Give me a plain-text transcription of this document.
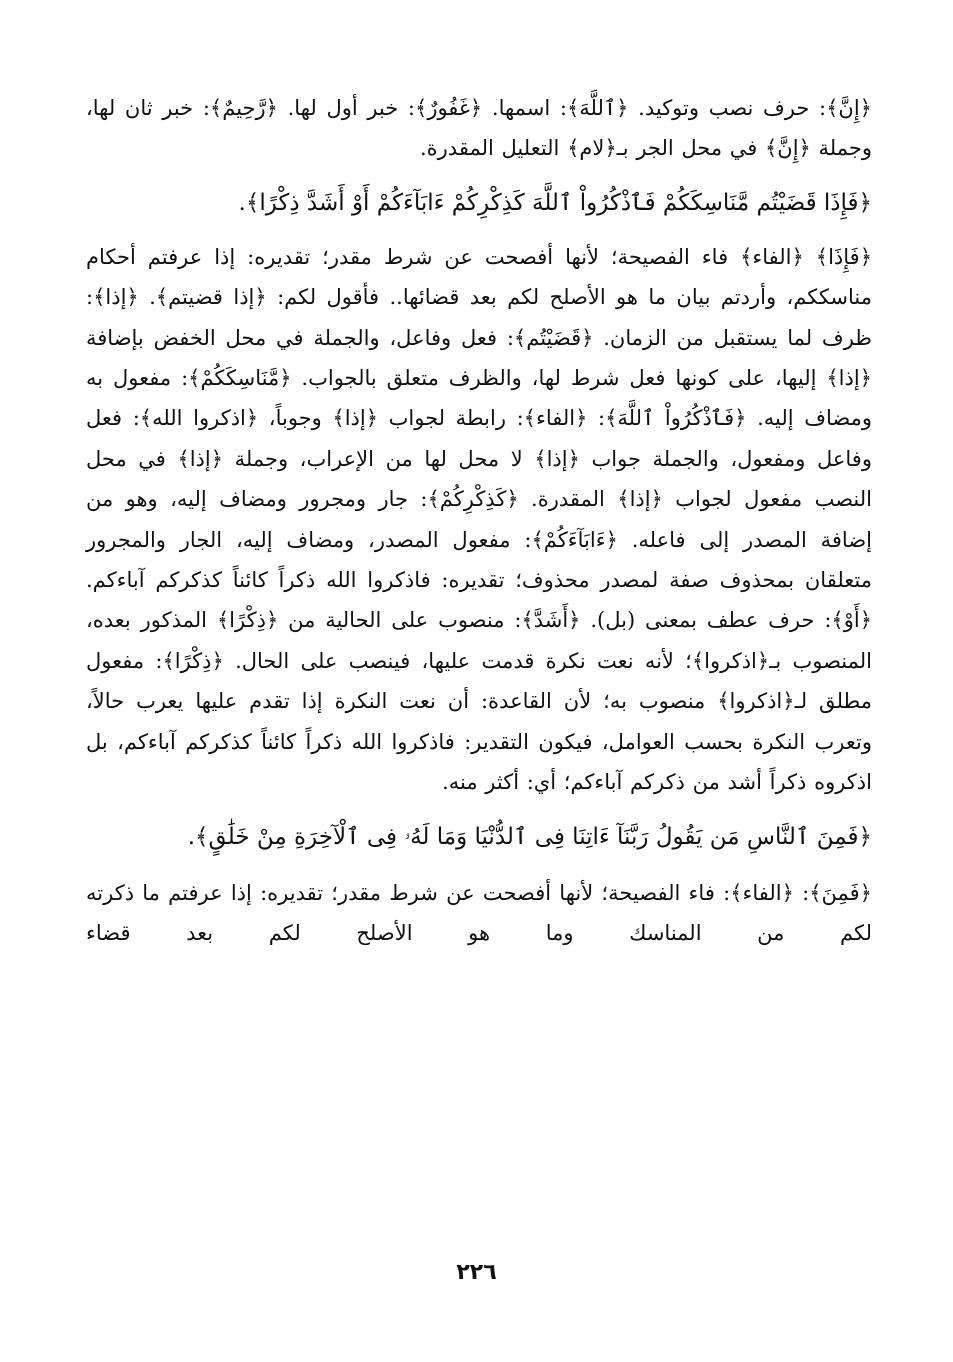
﴿إِنَّ﴾: حرف نصب وتوكيد. ﴿ٱللَّهَ﴾: اسمها. ﴿غَفُورٌ﴾: خبر أول لها. ﴿رَّحِيمٌ﴾: خبر ثان لها، وجملة ﴿إِنَّ﴾ في محل الجر بـ﴿لام﴾ التعليل المقدرة.

﴿فَإِذَا قَضَيْتُم مَّنَاسِكَكُمْ فَٱذْكُرُواْ ٱللَّهَ كَذِكْرِكُمْ ءَابَآءَكُمْ أَوْ أَشَدَّ ذِكْرًا﴾.

﴿فَإِذَا﴾ ﴿الفاء﴾ فاء الفصيحة؛ لأنها أفصحت عن شرط مقدر؛ تقديره: إذا عرفتم أحكام مناسككم، وأردتم بيان ما هو الأصلح لكم بعد قضائها.. فأقول لكم: ﴿إذا قضيتم﴾. ﴿إذا﴾: ظرف لما يستقبل من الزمان. ﴿قَضَيْتُم﴾: فعل وفاعل، والجملة في محل الخفض بإضافة ﴿إذا﴾ إليها، على كونها فعل شرط لها، والظرف متعلق بالجواب. ﴿مَّنَاسِكَكُمْ﴾: مفعول به ومضاف إليه. ﴿فَٱذْكُرُواْ ٱللَّهَ﴾: ﴿الفاء﴾: رابطة لجواب ﴿إذا﴾ وجوباً، ﴿اذكروا الله﴾: فعل وفاعل ومفعول، والجملة جواب ﴿إذا﴾ لا محل لها من الإعراب، وجملة ﴿إذا﴾ في محل النصب مفعول لجواب ﴿إذا﴾ المقدرة. ﴿كَذِكْرِكُمْ﴾: جار ومجرور ومضاف إليه، وهو من إضافة المصدر إلى فاعله. ﴿ءَابَآءَكُمْ﴾: مفعول المصدر، ومضاف إليه، الجار والمجرور متعلقان بمحذوف صفة لمصدر محذوف؛ تقديره: فاذكروا الله ذكراً كائناً كذكركم آباءكم. ﴿أَوْ﴾: حرف عطف بمعنى (بل). ﴿أَشَدَّ﴾: منصوب على الحالية من ﴿ذِكْرًا﴾ المذكور بعده، المنصوب بـ﴿اذكروا﴾؛ لأنه نعت نكرة قدمت عليها، فينصب على الحال. ﴿ذِكْرًا﴾: مفعول مطلق لـ﴿اذكروا﴾ منصوب به؛ لأن القاعدة: أن نعت النكرة إذا تقدم عليها يعرب حالاً، وتعرب النكرة بحسب العوامل، فيكون التقدير: فاذكروا الله ذكراً كائناً كذكركم آباءكم، بل اذكروه ذكراً أشد من ذكركم آباءكم؛ أي: أكثر منه.

﴿فَمِنَ ٱلنَّاسِ مَن يَقُولُ رَبَّنَآ ءَاتِنَا فِى ٱلدُّنْيَا وَمَا لَهُۥ فِى ٱلْآخِرَةِ مِنْ خَلَٰقٍ﴾.

﴿فَمِنَ﴾: ﴿الفاء﴾: فاء الفصيحة؛ لأنها أفصحت عن شرط مقدر؛ تقديره: إذا عرفتم ما ذكرته لكم من المناسك وما هو الأصلح لكم بعد قضاء

٢٢٦
